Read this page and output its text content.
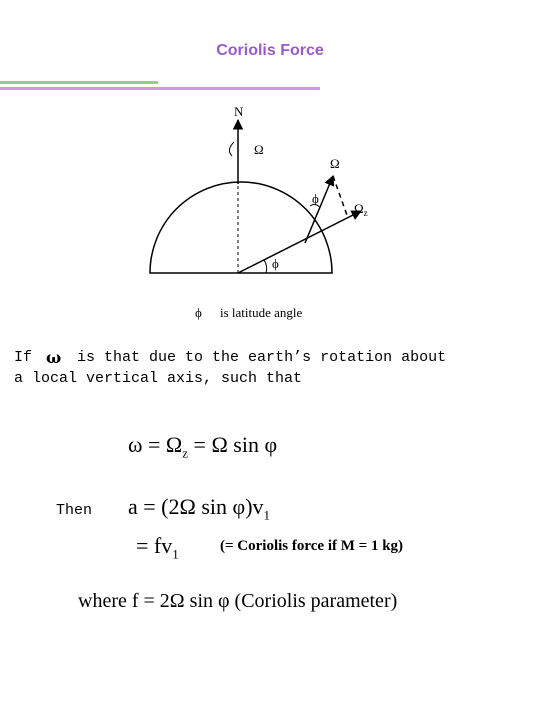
Coriolis Force
N
Ω
Ω
$\Omega_z$
ϕ
ϕ
ϕ is latitude angle
If	is that due to the earth’s rotation about
ω
a local vertical axis, such that
$\omega = \Omega_z = \Omega$ sin φ
Then a = (2Ω $\sin \varphi)v_1$
= $fv_1$	(= Coriolis force if M = 1 kg)
where f = 2Ω sin φ (Coriolis parameter)
